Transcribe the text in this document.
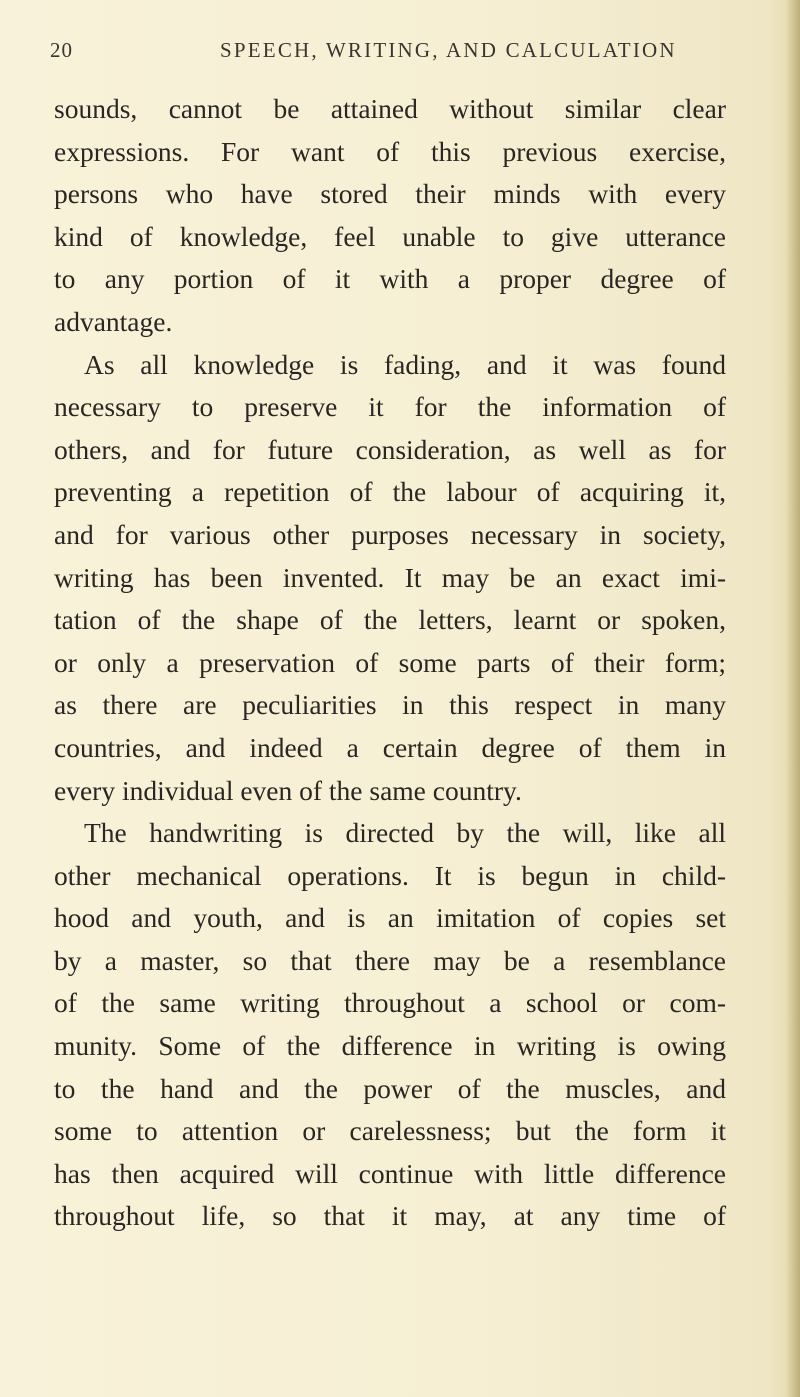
20	SPEECH, WRITING, AND CALCULATION
sounds, cannot be attained without similar clear
expressions. For want of this previous exercise,
persons who have stored their minds with every
kind of knowledge, feel unable to give utterance
to any portion of it with a proper degree of
advantage.
As all knowledge is fading, and it was found
necessary to preserve it for the information of
others, and for future consideration, as well as for
preventing a repetition of the labour of acquiring it,
and for various other purposes necessary in society,
writing has been invented. It may be an exact imi-
tation of the shape of the letters, learnt or spoken,
or only a preservation of some parts of their form;
as there are peculiarities in this respect in many
countries, and indeed a certain degree of them in
every individual even of the same country.
The handwriting is directed by the will, like all
other mechanical operations. It is begun in child-
hood and youth, and is an imitation of copies set
by a master, so that there may be a resemblance
of the same writing throughout a school or com-
munity. Some of the difference in writing is owing
to the hand and the power of the muscles, and
some to attention or carelessness; but the form it
has then acquired will continue with little difference
throughout life, so that it may, at any time of
